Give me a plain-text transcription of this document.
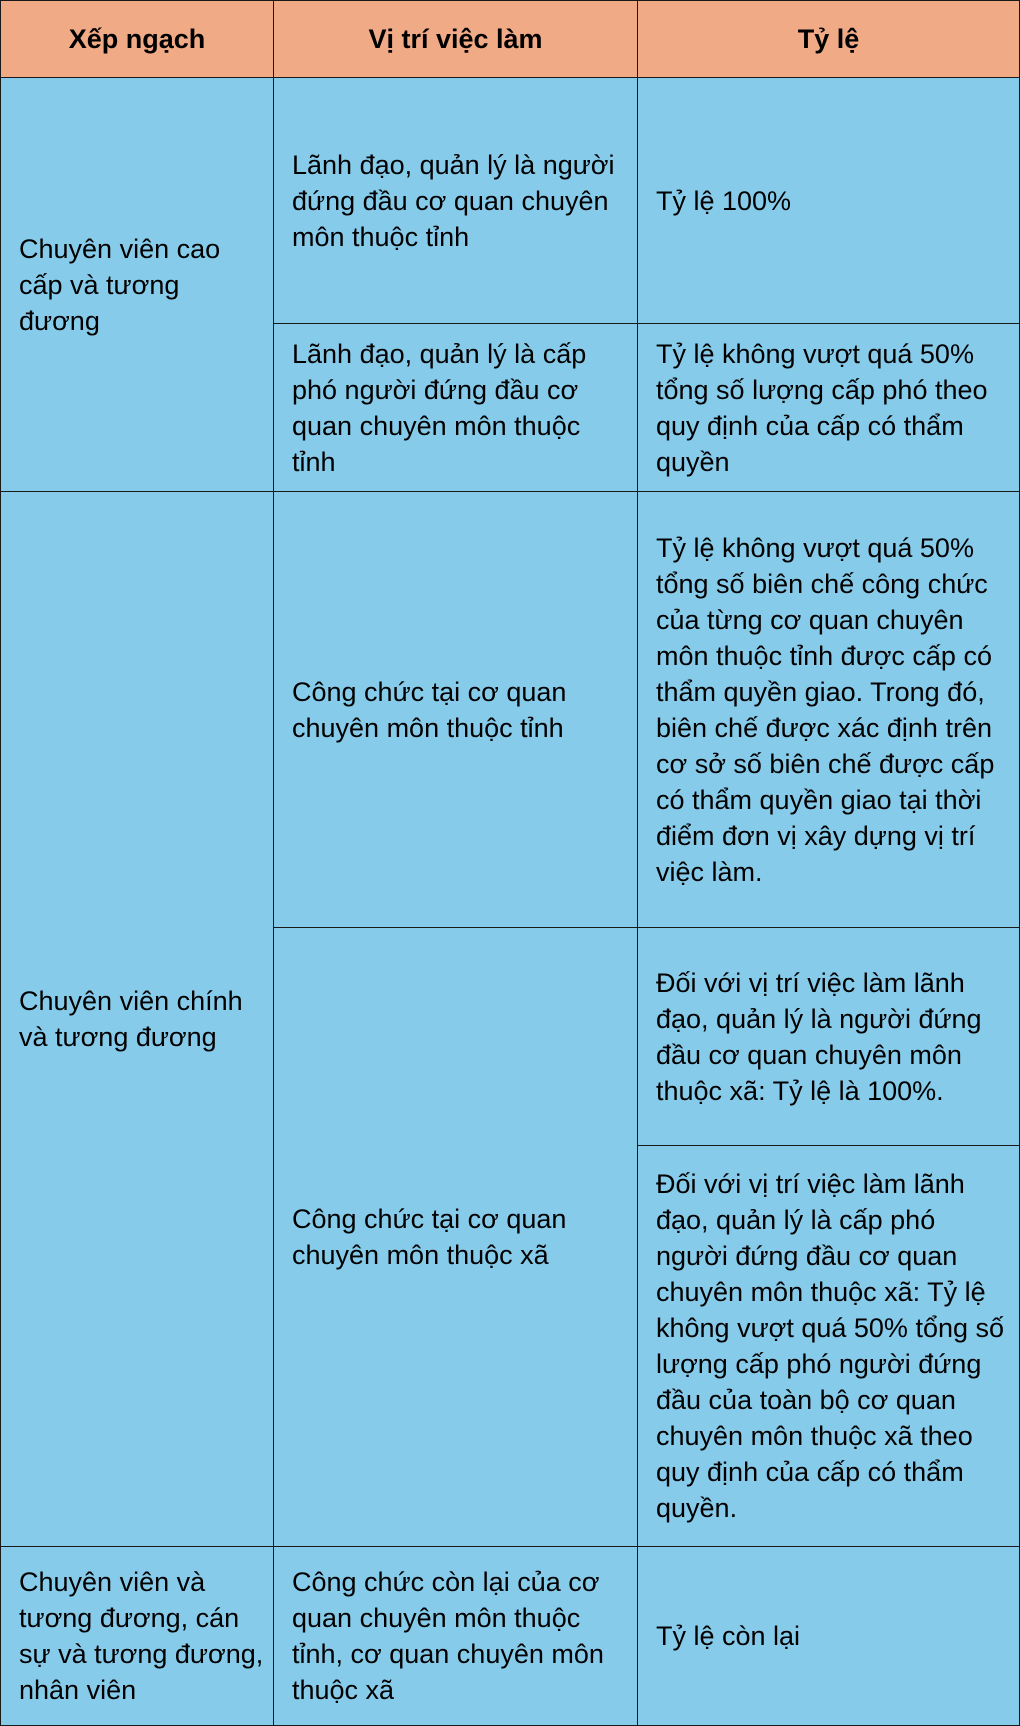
Xếp ngạch	Vị trí việc làm	Tỷ lệ
Chuyên viên cao cấp và tương đương	Lãnh đạo, quản lý là người đứng đầu cơ quan chuyên môn thuộc tỉnh	Tỷ lệ 100%
	Lãnh đạo, quản lý là cấp phó người đứng đầu cơ quan chuyên môn thuộc tỉnh	Tỷ lệ không vượt quá 50% tổng số lượng cấp phó theo quy định của cấp có thẩm quyền
Chuyên viên chính và tương đương	Công chức tại cơ quan chuyên môn thuộc tỉnh	Tỷ lệ không vượt quá 50% tổng số biên chế công chức của từng cơ quan chuyên môn thuộc tỉnh được cấp có thẩm quyền giao. Trong đó, biên chế được xác định trên cơ sở số biên chế được cấp có thẩm quyền giao tại thời điểm đơn vị xây dựng vị trí việc làm.
	Công chức tại cơ quan chuyên môn thuộc xã	Đối với vị trí việc làm lãnh đạo, quản lý là người đứng đầu cơ quan chuyên môn thuộc xã: Tỷ lệ là 100%.
		Đối với vị trí việc làm lãnh đạo, quản lý là cấp phó người đứng đầu cơ quan chuyên môn thuộc xã: Tỷ lệ không vượt quá 50% tổng số lượng cấp phó người đứng đầu của toàn bộ cơ quan chuyên môn thuộc xã theo quy định của cấp có thẩm quyền.
Chuyên viên và tương đương, cán sự và tương đương, nhân viên	Công chức còn lại của cơ quan chuyên môn thuộc tỉnh, cơ quan chuyên môn thuộc xã	Tỷ lệ còn lại
